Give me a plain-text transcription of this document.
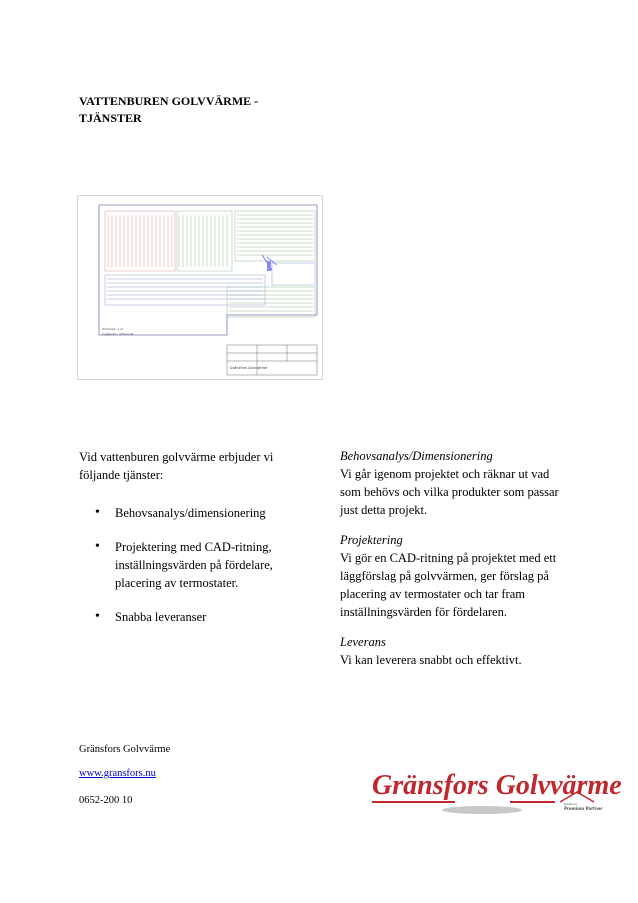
VATTENBUREN GOLVVÄRME - TJÄNSTER
Rörlängd: 1 st
Ingående i utförande
Gränsfors Golvvärme
Vid vattenburen golvvärme erbjuder vi följande tjänster:
• Behovsanalys/dimensionering
• Projektering med CAD-ritning, inställningsvärden på fördelare, placering av termostater.
• Snabba leveranser
Behovsanalys/Dimensionering
Vi går igenom projektet och räknar ut vad som behövs och vilka produkter som passar just detta projekt.
Projektering
Vi gör en CAD-ritning på projektet med ett läggförslag på golvvärmen, ger förslag på placering av termostater och tar fram inställningsvärden för fördelaren.
Leverans
Vi kan leverera snabbt och effektivt.
Gränsfors Golvvärme
www.gransfors.nu
0652-200 10	Gränsfors Golvvärme
Gislaved
Premium Partner
